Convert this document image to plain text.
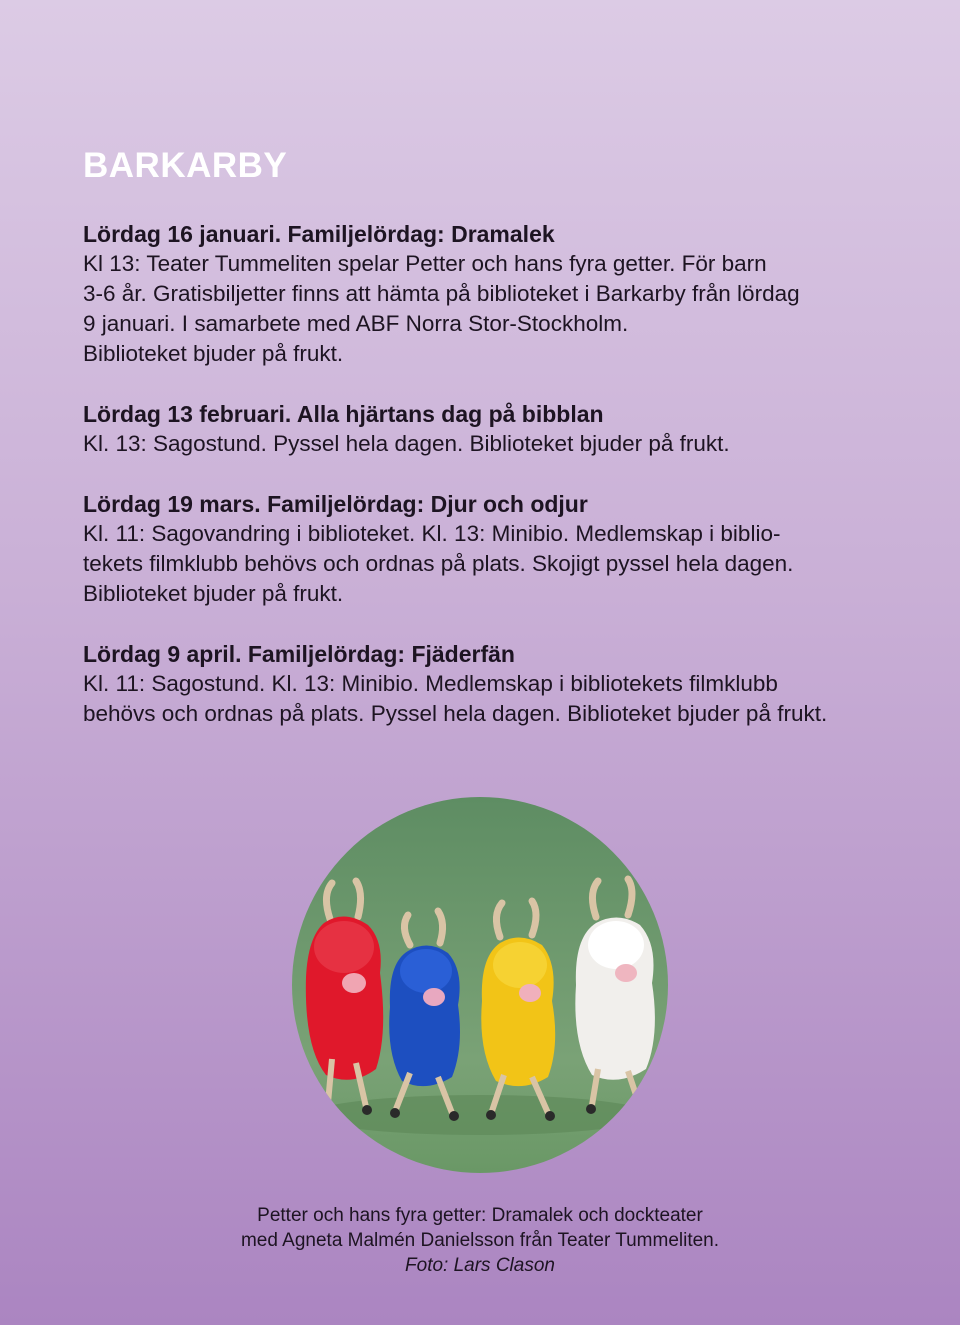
BARKARBY

Lördag 16 januari. Familjelördag: Dramalek

Kl 13: Teater Tummeliten spelar Petter och hans fyra getter. För barn

3-6 år. Gratisbiljetter finns att hämta på biblioteket i Barkarby från lördag

9 januari. I samarbete med ABF Norra Stor-Stockholm.

Biblioteket bjuder på frukt.

Lördag 13 februari. Alla hjärtans dag på bibblan

Kl. 13: Sagostund. Pyssel hela dagen. Biblioteket bjuder på frukt.

Lördag 19 mars. Familjelördag: Djur och odjur

Kl. 11: Sagovandring i biblioteket. Kl. 13: Minibio. Medlemskap i biblio-

tekets filmklubb behövs och ordnas på plats. Skojigt pyssel hela dagen.

Biblioteket bjuder på frukt.

Lördag 9 april. Familjelördag: Fjäderfän

Kl. 11: Sagostund. Kl. 13: Minibio. Medlemskap i bibliotekets filmklubb

behövs och ordnas på plats. Pyssel hela dagen. Biblioteket bjuder på frukt.

Petter och hans fyra getter: Dramalek och dockteater

med Agneta Malmén Danielsson från Teater Tummeliten.

Foto: Lars Clason
